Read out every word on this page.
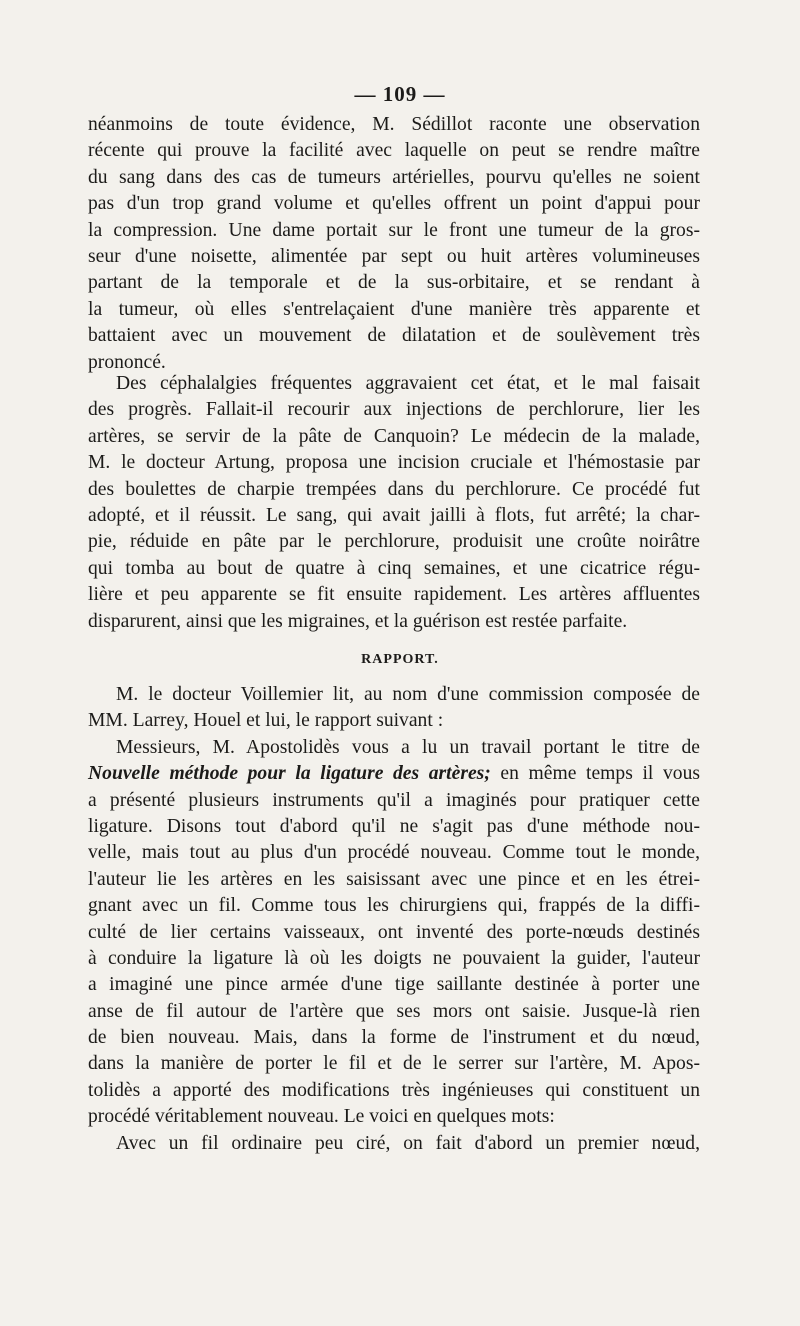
— 109 —
néanmoins de toute évidence, M. Sédillot raconte une observation
récente qui prouve la facilité avec laquelle on peut se rendre maître
du sang dans des cas de tumeurs artérielles, pourvu qu'elles ne soient
pas d'un trop grand volume et qu'elles offrent un point d'appui pour
la compression. Une dame portait sur le front une tumeur de la gros-
seur d'une noisette, alimentée par sept ou huit artères volumineuses
partant de la temporale et de la sus-orbitaire, et se rendant à
la tumeur, où elles s'entrelaçaient d'une manière très apparente et
battaient avec un mouvement de dilatation et de soulèvement très
prononcé.
Des céphalalgies fréquentes aggravaient cet état, et le mal faisait
des progrès. Fallait-il recourir aux injections de perchlorure, lier les
artères, se servir de la pâte de Canquoin? Le médecin de la malade,
M. le docteur Artung, proposa une incision cruciale et l'hémostasie par
des boulettes de charpie trempées dans du perchlorure. Ce procédé fut
adopté, et il réussit. Le sang, qui avait jailli à flots, fut arrêté; la char-
pie, réduide en pâte par le perchlorure, produisit une croûte noirâtre
qui tomba au bout de quatre à cinq semaines, et une cicatrice régu-
lière et peu apparente se fit ensuite rapidement. Les artères affluentes
disparurent, ainsi que les migraines, et la guérison est restée parfaite.
RAPPORT.
M. le docteur Voillemier lit, au nom d'une commission composée de
MM. Larrey, Houel et lui, le rapport suivant :
Messieurs, M. Apostolidès vous a lu un travail portant le titre de
Nouvelle méthode pour la ligature des artères; en même temps il vous
a présenté plusieurs instruments qu'il a imaginés pour pratiquer cette
ligature. Disons tout d'abord qu'il ne s'agit pas d'une méthode nou-
velle, mais tout au plus d'un procédé nouveau. Comme tout le monde,
l'auteur lie les artères en les saisissant avec une pince et en les étrei-
gnant avec un fil. Comme tous les chirurgiens qui, frappés de la diffi-
culté de lier certains vaisseaux, ont inventé des porte-nœuds destinés
à conduire la ligature là où les doigts ne pouvaient la guider, l'auteur
a imaginé une pince armée d'une tige saillante destinée à porter une
anse de fil autour de l'artère que ses mors ont saisie. Jusque-là rien
de bien nouveau. Mais, dans la forme de l'instrument et du nœud,
dans la manière de porter le fil et de le serrer sur l'artère, M. Apos-
tolidès a apporté des modifications très ingénieuses qui constituent un
procédé véritablement nouveau. Le voici en quelques mots:
Avec un fil ordinaire peu ciré, on fait d'abord un premier nœud,
